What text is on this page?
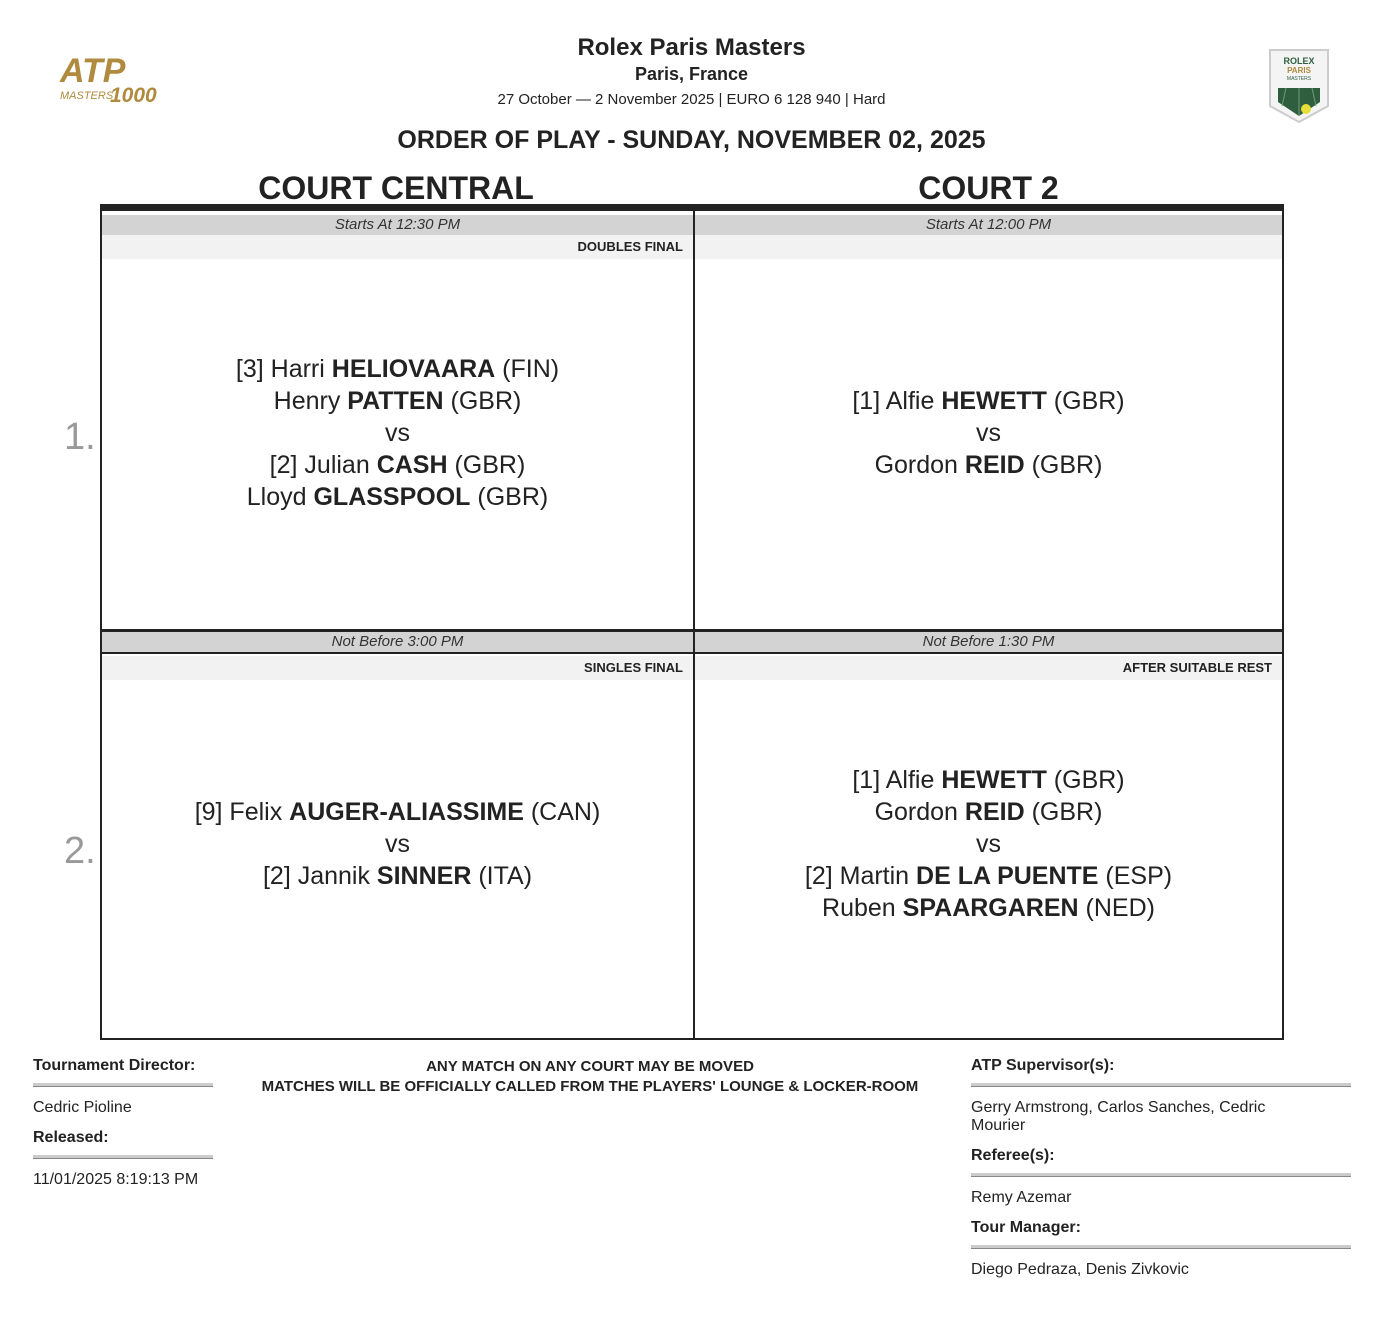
ATP
MASTERS
1000
ROLEX
PARIS
MASTERS
Rolex Paris Masters
Paris, France
27 October — 2 November 2025 | EURO 6 128 940 | Hard
ORDER OF PLAY - SUNDAY, NOVEMBER 02, 2025
COURT CENTRAL	COURT 2
1.
2.
Starts At 12:30 PM
DOUBLES FINAL
[3] Harri HELIOVAARA (FIN)
Henry PATTEN (GBR)
vs
[2] Julian CASH (GBR)
Lloyd GLASSPOOL (GBR)
Starts At 12:00 PM
[1] Alfie HEWETT (GBR)
vs
Gordon REID (GBR)
Not Before 3:00 PM
SINGLES FINAL
[9] Felix AUGER-ALIASSIME (CAN)
vs
[2] Jannik SINNER (ITA)
Not Before 1:30 PM
AFTER SUITABLE REST
[1] Alfie HEWETT (GBR)
Gordon REID (GBR)
vs
[2] Martin DE LA PUENTE (ESP)
Ruben SPAARGAREN (NED)
Tournament Director:
Cedric Pioline
Released:
11/01/2025 8:19:13 PM
ANY MATCH ON ANY COURT MAY BE MOVED
MATCHES WILL BE OFFICIALLY CALLED FROM THE PLAYERS' LOUNGE & LOCKER-ROOM
ATP Supervisor(s):
Gerry Armstrong, Carlos Sanches, Cedric Mourier
Referee(s):
Remy Azemar
Tour Manager:
Diego Pedraza, Denis Zivkovic
